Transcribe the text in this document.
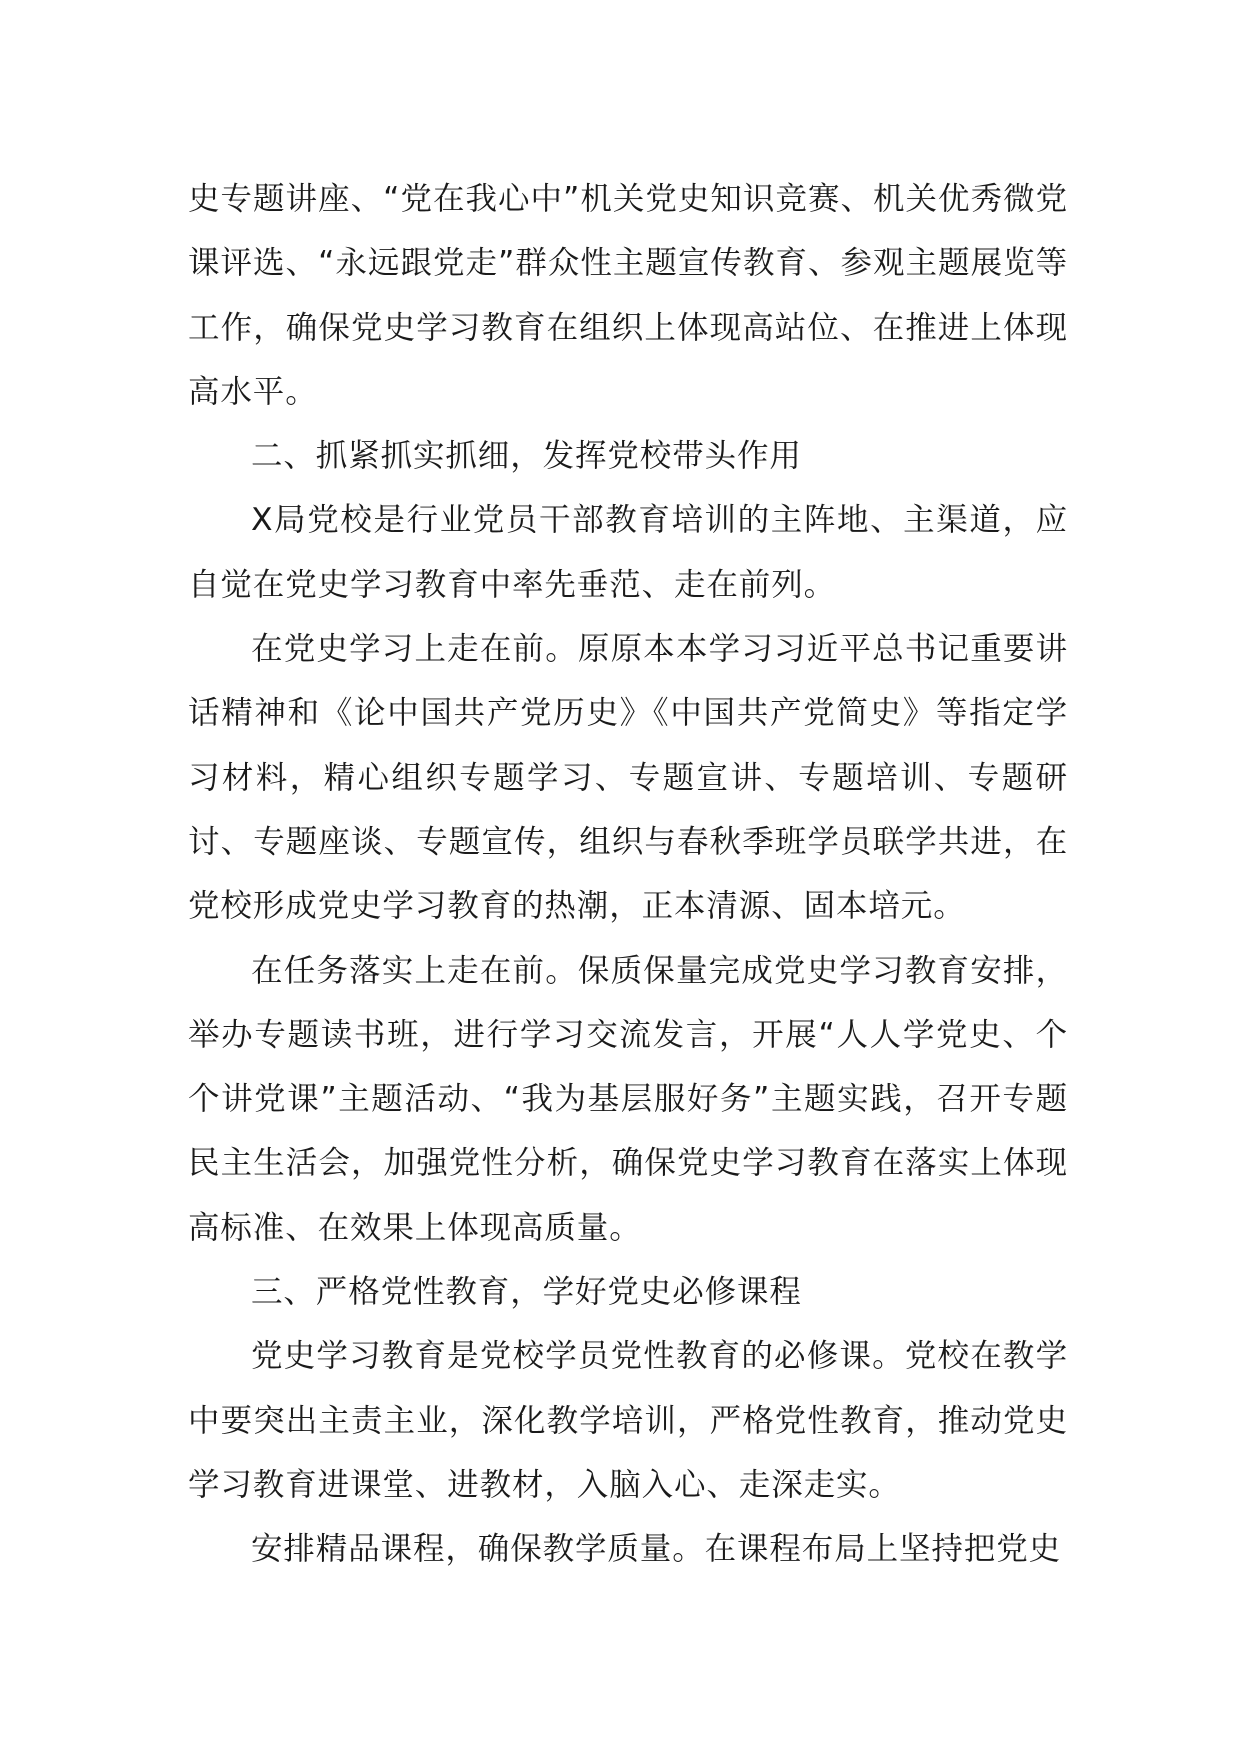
史专题讲座、“党在我心中”机关党史知识竞赛、机关优秀微党课评选、“永远跟党走”群众性主题宣传教育、参观主题展览等工作，确保党史学习教育在组织上体现高站位、在推进上体现高水平。

二、抓紧抓实抓细，发挥党校带头作用

X局党校是行业党员干部教育培训的主阵地、主渠道，应自觉在党史学习教育中率先垂范、走在前列。

在党史学习上走在前。原原本本学习习近平总书记重要讲话精神和《论中国共产党历史》《中国共产党简史》等指定学习材料，精心组织专题学习、专题宣讲、专题培训、专题研讨、专题座谈、专题宣传，组织与春秋季班学员联学共进，在党校形成党史学习教育的热潮，正本清源、固本培元。

在任务落实上走在前。保质保量完成党史学习教育安排，举办专题读书班，进行学习交流发言，开展“人人学党史、个个讲党课”主题活动、“我为基层服好务”主题实践，召开专题民主生活会，加强党性分析，确保党史学习教育在落实上体现高标准、在效果上体现高质量。

三、严格党性教育，学好党史必修课程

党史学习教育是党校学员党性教育的必修课。党校在教学中要突出主责主业，深化教学培训，严格党性教育，推动党史学习教育进课堂、进教材，入脑入心、走深走实。

安排精品课程，确保教学质量。在课程布局上坚持把党史
